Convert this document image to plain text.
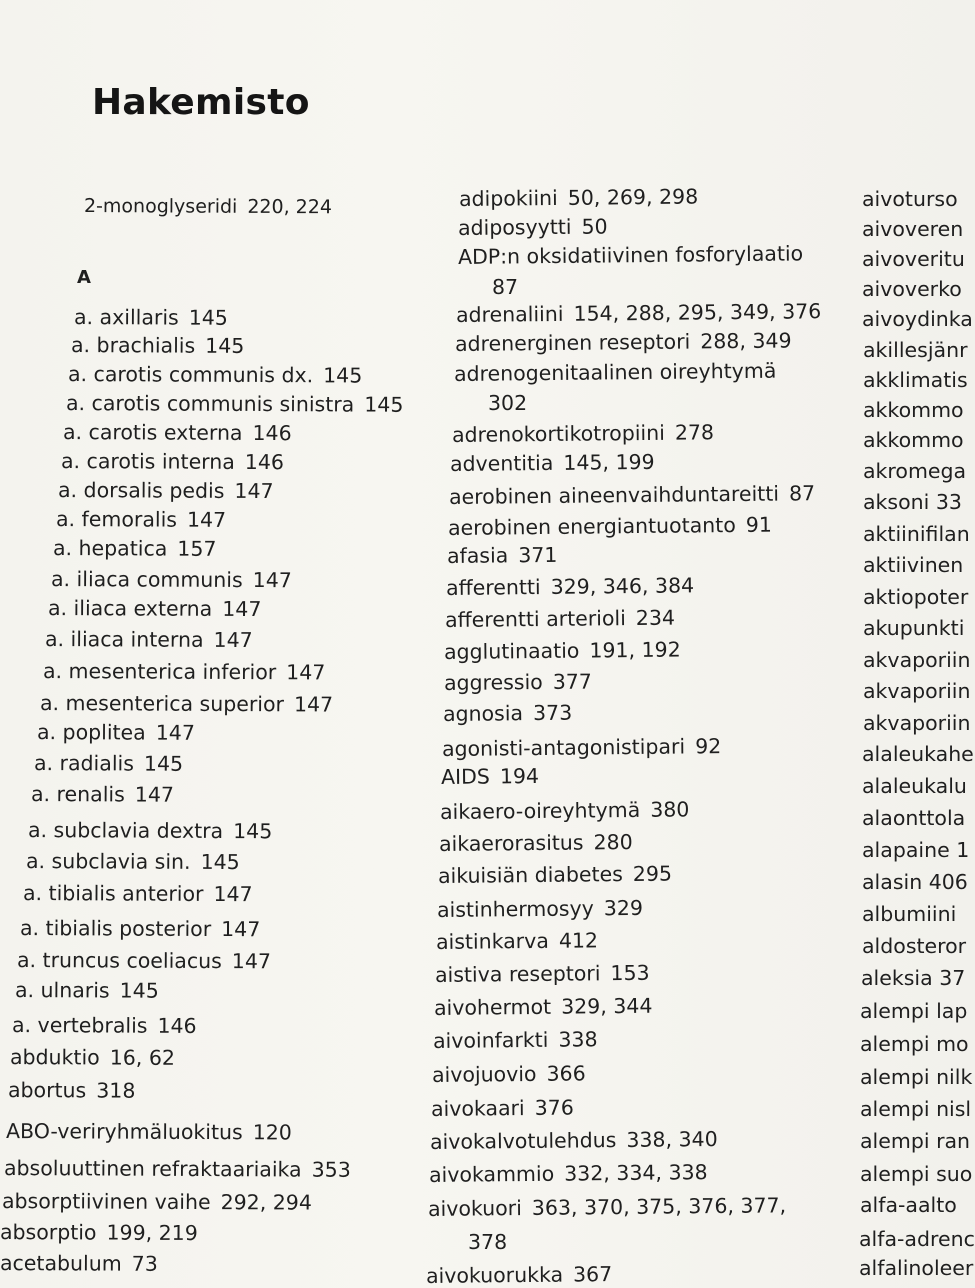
Hakemisto
2-monoglyseridi 220, 224
A
a. axillaris 145
a. brachialis 145
a. carotis communis dx. 145
a. carotis communis sinistra 145
a. carotis externa 146
a. carotis interna 146
a. dorsalis pedis 147
a. femoralis 147
a. hepatica 157
a. iliaca communis 147
a. iliaca externa 147
a. iliaca interna 147
a. mesenterica inferior 147
a. mesenterica superior 147
a. poplitea 147
a. radialis 145
a. renalis 147
a. subclavia dextra 145
a. subclavia sin. 145
a. tibialis anterior 147
a. tibialis posterior 147
a. truncus coeliacus 147
a. ulnaris 145
a. vertebralis 146
abduktio 16, 62
abortus 318
ABO-veriryhmäluokitus 120
absoluuttinen refraktaariaika 353
absorptiivinen vaihe 292, 294
absorptio 199, 219
acetabulum 73
adipokiini 50, 269, 298
adiposyytti 50
ADP:n oksidatiivinen fosforylaatio
adrenaliini 154, 288, 295, 349, 376
adrenerginen reseptori 288, 349
adrenogenitaalinen oireyhtymä
adrenokortikotropiini 278
adventitia 145, 199
aerobinen aineenvaihduntareitti 87
aerobinen energiantuotanto 91
afasia 371
afferentti 329, 346, 384
afferentti arterioli 234
agglutinaatio 191, 192
aggressio 377
agnosia 373
agonisti-antagonistipari 92
AIDS 194
aikaero-oireyhtymä 380
aikaerorasitus 280
aikuisiän diabetes 295
aistinhermosyy 329
aistinkarva 412
aistiva reseptori 153
aivohermot 329, 344
aivoinfarkti 338
aivojuovio 366
aivokaari 376
aivokalvotulehdus 338, 340
aivokammio 332, 334, 338
aivokuori 363, 370, 375, 376, 377,
aivokuorukka 367
87
302
378
aivoturso
aivoveren
aivoveritu
aivoverko
aivoydinka
akillesjänr
akklimatis
akkommo
akkommo
akromega
aksoni 33
aktiinifilan
aktiivinen
aktiopoter
akupunkti
akvaporiin
akvaporiin
akvaporiin
alaleukahe
alaleukalu
alaonttola
alapaine 1
alasin 406
albumiini
aldosteror
aleksia 37
alempi lap
alempi mo
alempi nilk
alempi nisl
alempi ran
alempi suo
alfa-aalto
alfa-adrenc
alfalinoleer
